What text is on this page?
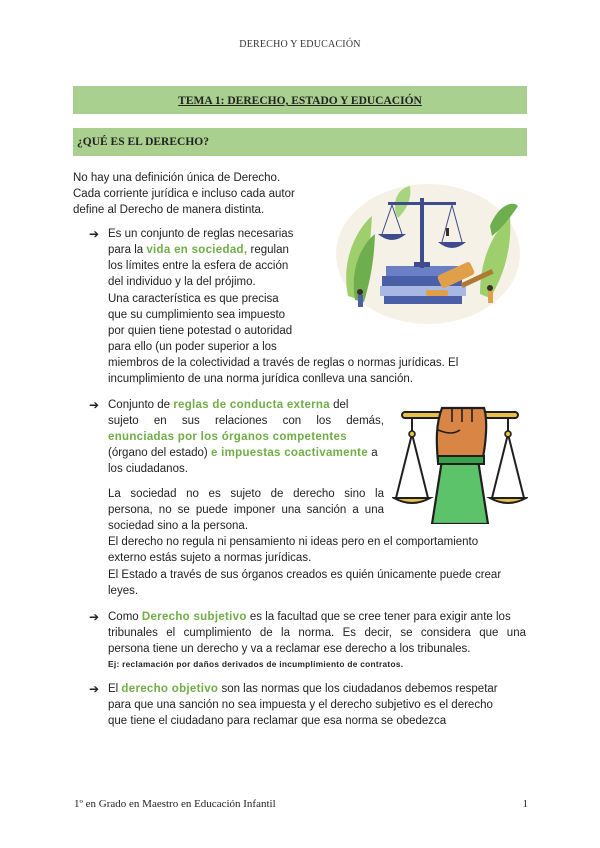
DERECHO Y EDUCACIÓN
TEMA 1: DERECHO, ESTADO Y EDUCACIÓN
¿QUÉ ES EL DERECHO?
No hay una definición única de Derecho.
Cada corriente jurídica e incluso cada autor
define al Derecho de manera distinta.
➔ Es un conjunto de reglas necesarias
para la vida en sociedad, regulan
los límites entre la esfera de acción
del individuo y la del prójimo.
Una característica es que precisa
que su cumplimiento sea impuesto
por quien tiene potestad o autoridad
para ello (un poder superior a los
miembros de la colectividad a través de reglas o normas jurídicas. El
incumplimiento de una norma jurídica conlleva una sanción.
➔ Conjunto de reglas de conducta externa del
sujeto en sus relaciones con los demás,
enunciadas por los órganos competentes
(órgano del estado) e impuestas coactivamente a
los ciudadanos.
La sociedad no es sujeto de derecho sino la
persona, no se puede imponer una sanción a una
sociedad sino a la persona.
El derecho no regula ni pensamiento ni ideas pero en el comportamiento
externo estás sujeto a normas jurídicas.
El Estado a través de sus órganos creados es quién únicamente puede crear
leyes.
➔ Como Derecho subjetivo es la facultad que se cree tener para exigir ante los
tribunales el cumplimiento de la norma. Es decir, se considera que una
persona tiene un derecho y va a reclamar ese derecho a los tribunales.
Ej: reclamación por daños derivados de incumplimiento de contratos.
➔ El derecho objetivo son las normas que los ciudadanos debemos respetar
para que una sanción no sea impuesta y el derecho subjetivo es el derecho
que tiene el ciudadano para reclamar que esa norma se obedezca
1º en Grado en Maestro en Educación Infantil	1
